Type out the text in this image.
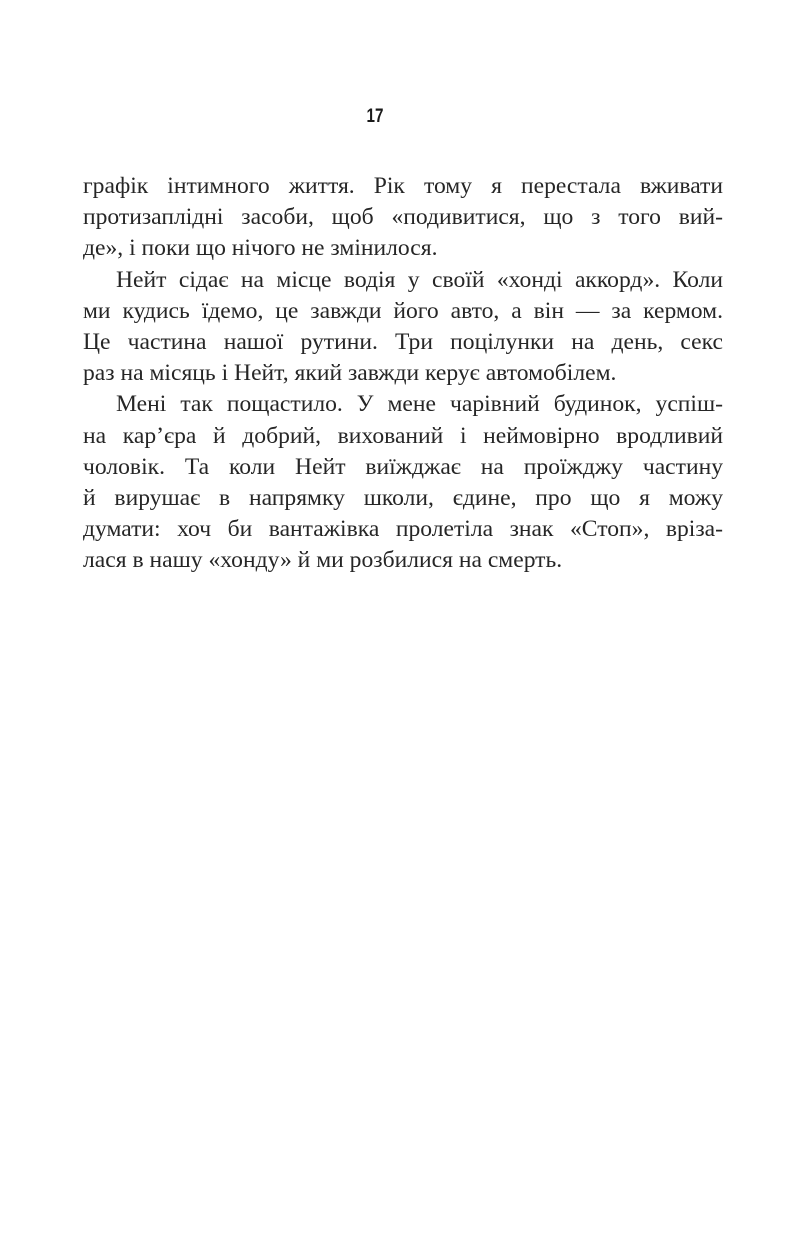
17
графік інтимного життя. Рік тому я перестала вживати
протизаплідні засоби, щоб «подивитися, що з того вий-
де», і поки що нічого не змінилося.
Нейт сідає на місце водія у своїй «хонді аккорд». Коли
ми кудись їдемо, це завжди його авто, а він — за кермом.
Це частина нашої рутини. Три поцілунки на день, секс
раз на місяць і Нейт, який завжди керує автомобілем.
Мені так пощастило. У мене чарівний будинок, успіш-
на кар’єра й добрий, вихований і неймовірно вродливий
чоловік. Та коли Нейт виїжджає на проїжджу частину
й вирушає в напрямку школи, єдине, про що я можу
думати: хоч би вантажівка пролетіла знак «Стоп», вріза-
лася в нашу «хонду» й ми розбилися на смерть.
